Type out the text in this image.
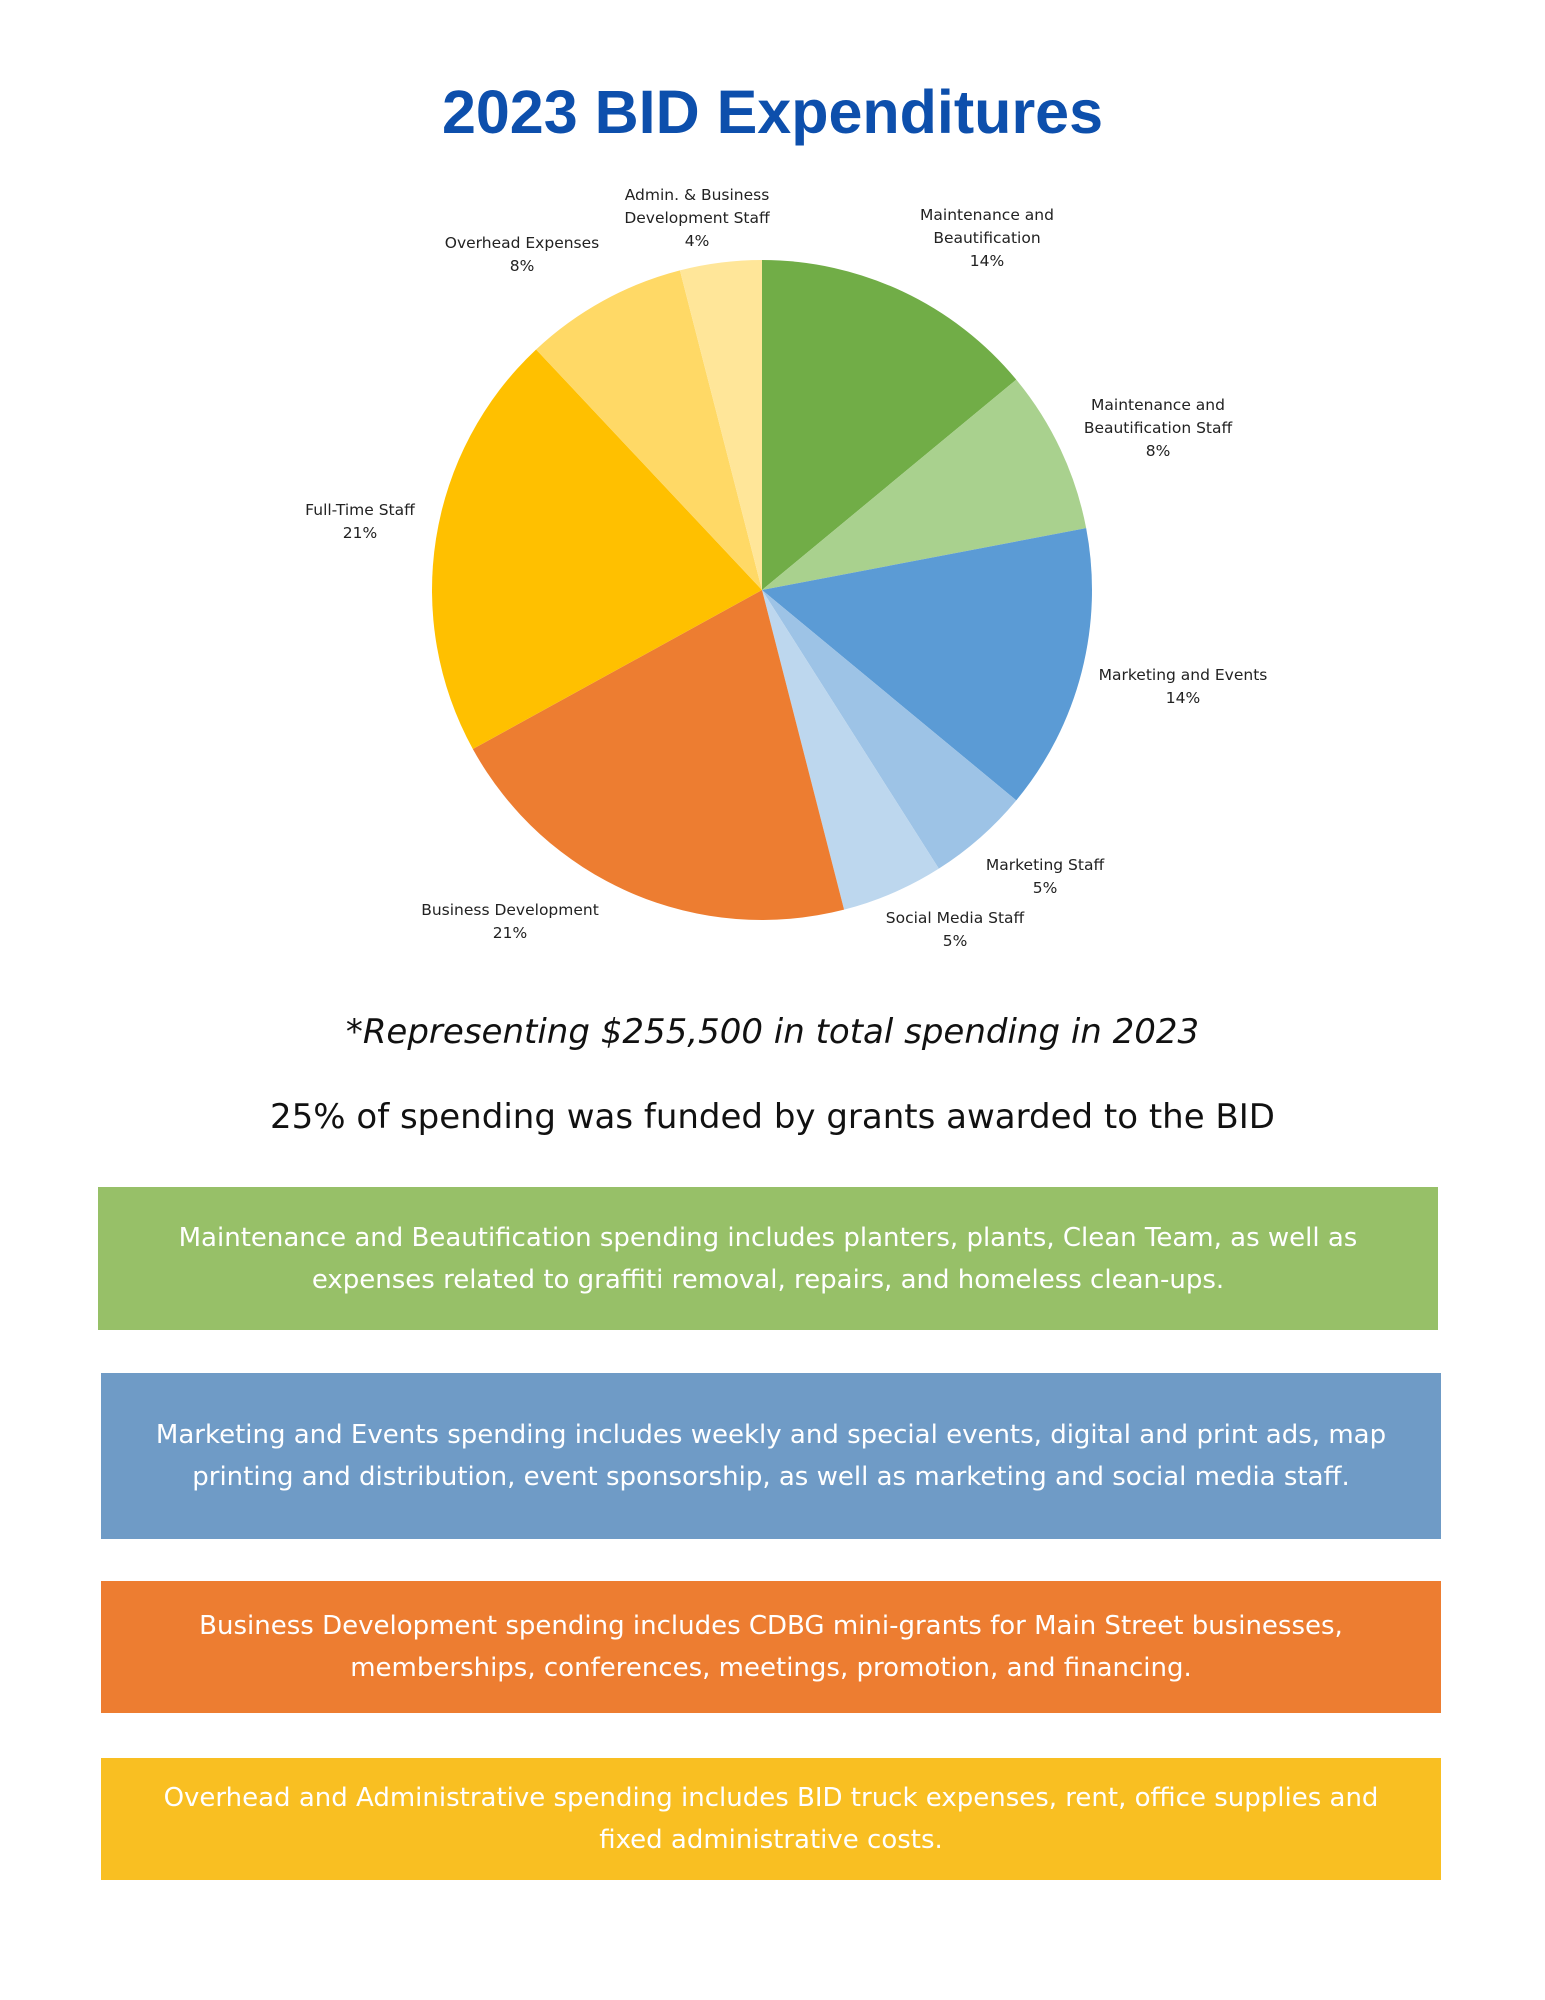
2023 BID Expenditures
Maintenance and
Beautification
14%
Maintenance and
Beautification Staff
8%
Marketing and Events
14%
Marketing Staff
5%
Social Media Staff
5%
Business Development
21%
Full-Time Staff
21%
Overhead Expenses
8%
Admin. & Business
Development Staff
4%
*Representing $255,500 in total spending in 2023
25% of spending was funded by grants awarded to the BID
Maintenance and Beautification spending includes planters, plants, Clean Team, as well as expenses related to graffiti removal, repairs, and homeless clean-ups.
Marketing and Events spending includes weekly and special events, digital and print ads, map printing and distribution, event sponsorship, as well as marketing and social media staff.
Business Development spending includes CDBG mini-grants for Main Street businesses, memberships, conferences, meetings, promotion, and financing.
Overhead and Administrative spending includes BID truck expenses, rent, office supplies and fixed administrative costs.
